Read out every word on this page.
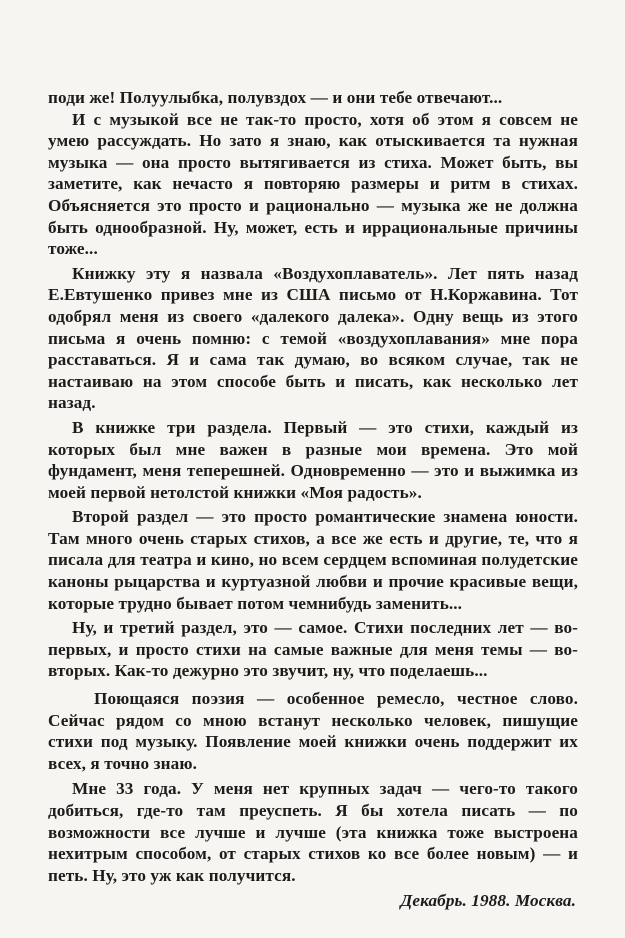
поди же! Полуулыбка, полувздох — и они тебе отвечают...

И с музыкой все не так-то просто, хотя об этом я совсем не умею рассуждать. Но зато я знаю, как отыскивается та нужная музыка — она просто вытягивается из стиха. Может быть, вы заметите, как нечасто я повторяю размеры и ритм в стихах. Объясняется это просто и рационально — музыка же не должна быть однообразной. Ну, может, есть и иррациональные причины тоже...

Книжку эту я назвала «Воздухоплаватель». Лет пять назад Е.Евтушенко привез мне из США письмо от Н.Коржавина. Тот одобрял меня из своего «далекого далека». Одну вещь из этого письма я очень помню: с темой «воздухоплавания» мне пора расставаться. Я и сама так думаю, во всяком случае, так не настаиваю на этом способе быть и писать, как несколько лет назад.

В книжке три раздела. Первый — это стихи, каждый из которых был мне важен в разные мои времена. Это мой фундамент, меня теперешней. Одновременно — это и выжимка из моей первой нетолстой книжки «Моя радость».

Второй раздел — это просто романтические знамена юности. Там много очень старых стихов, а все же есть и другие, те, что я писала для театра и кино, но всем сердцем вспоминая полудетские каноны рыцарства и куртуазной любви и прочие красивые вещи, которые трудно бывает потом чемнибудь заменить...

Ну, и третий раздел, это — самое. Стихи последних лет — во-первых, и просто стихи на самые важные для меня темы — во-вторых. Как-то дежурно это звучит, ну, что поделаешь...

Поющаяся поэзия — особенное ремесло, честное слово. Сейчас рядом со мною встанут несколько человек, пишущие стихи под музыку. Появление моей книжки очень поддержит их всех, я точно знаю.

Мне 33 года. У меня нет крупных задач — чего-то такого добиться, где-то там преуспеть. Я бы хотела писать — по возможности все лучше и лучше (эта книжка тоже выстроена нехитрым способом, от старых стихов ко все более новым) — и петь. Ну, это уж как получится.

Декабрь. 1988. Москва.
